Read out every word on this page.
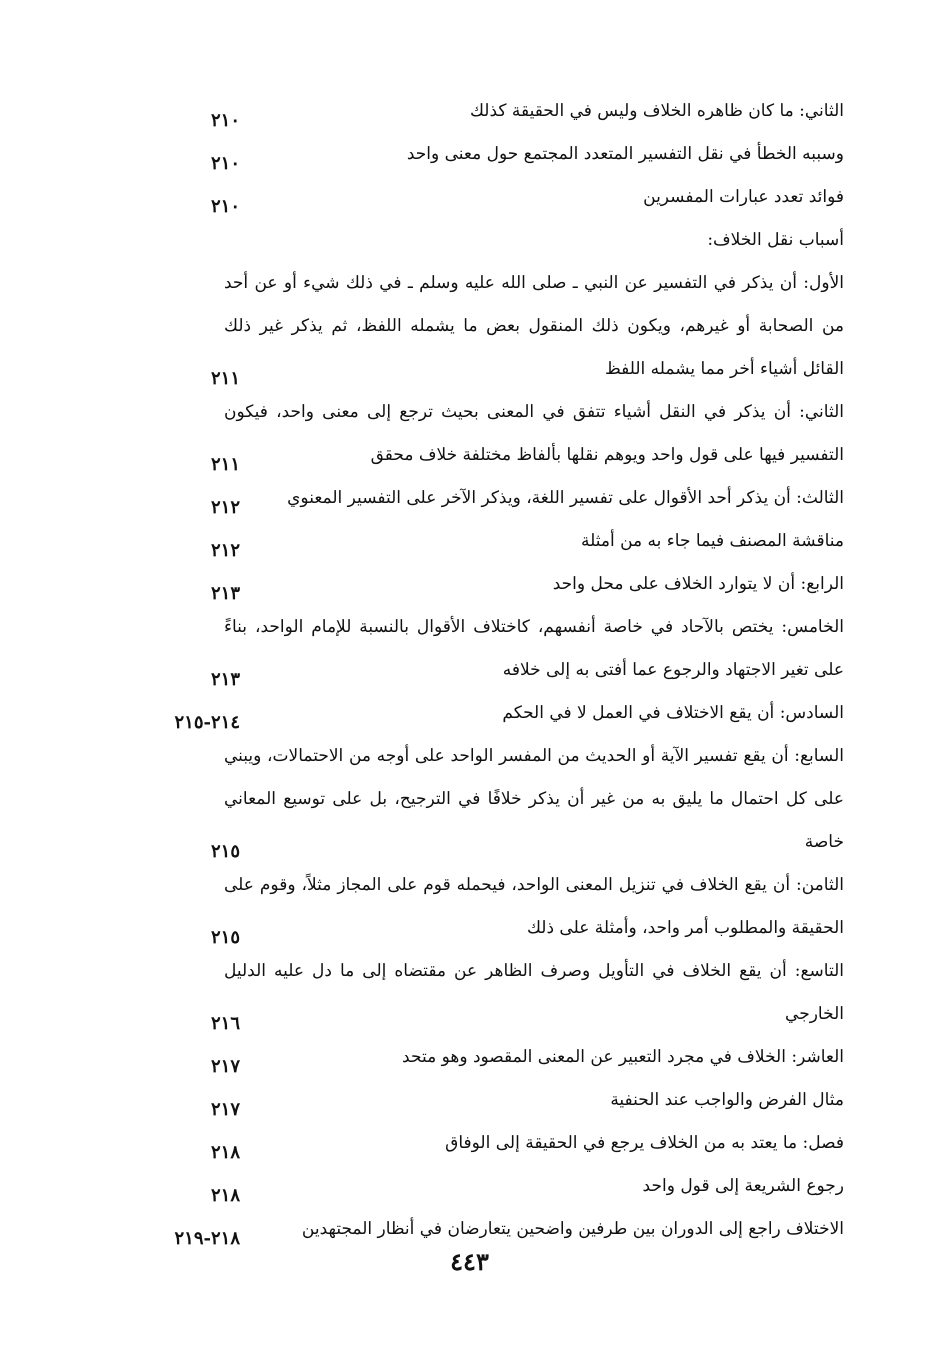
الثاني: ما كان ظاهره الخلاف وليس في الحقيقة كذلك
٢١٠
وسببه الخطأ في نقل التفسير المتعدد المجتمع حول معنى واحد
٢١٠
فوائد تعدد عبارات المفسرين
٢١٠
أسباب نقل الخلاف:
الأول: أن يذكر في التفسير عن النبي ـ صلى الله عليه وسلم ـ في ذلك شيء أو عن أحد من الصحابة أو غيرهم، ويكون ذلك المنقول بعض ما يشمله اللفظ، ثم يذكر غير ذلك القائل أشياء أخر مما يشمله اللفظ
٢١١
الثاني: أن يذكر في النقل أشياء تتفق في المعنى بحيث ترجع إلى معنى واحد، فيكون التفسير فيها على قول واحد ويوهم نقلها بألفاظ مختلفة خلاف محقق
٢١١
الثالث: أن يذكر أحد الأقوال على تفسير اللغة، ويذكر الآخر على التفسير المعنوي
٢١٢
مناقشة المصنف فيما جاء به من أمثلة
٢١٢
الرابع: أن لا يتوارد الخلاف على محل واحد
٢١٣
الخامس: يختص بالآحاد في خاصة أنفسهم، كاختلاف الأقوال بالنسبة للإمام الواحد، بناءً على تغير الاجتهاد والرجوع عما أفتى به إلى خلافه
٢١٣
السادس: أن يقع الاختلاف في العمل لا في الحكم
٢١٤-٢١٥
السابع: أن يقع تفسير الآية أو الحديث من المفسر الواحد على أوجه من الاحتمالات، ويبني على كل احتمال ما يليق به من غير أن يذكر خلافًا في الترجيح، بل على توسيع المعاني خاصة
٢١٥
الثامن: أن يقع الخلاف في تنزيل المعنى الواحد، فيحمله قوم على المجاز مثلاً، وقوم على الحقيقة والمطلوب أمر واحد، وأمثلة على ذلك
٢١٥
التاسع: أن يقع الخلاف في التأويل وصرف الظاهر عن مقتضاه إلى ما دل عليه الدليل الخارجي
٢١٦
العاشر: الخلاف في مجرد التعبير عن المعنى المقصود وهو متحد
٢١٧
مثال الفرض والواجب عند الحنفية
٢١٧
فصل: ما يعتد به من الخلاف يرجع في الحقيقة إلى الوفاق
٢١٨
رجوع الشريعة إلى قول واحد
٢١٨
الاختلاف راجع إلى الدوران بين طرفين واضحين يتعارضان في أنظار المجتهدين
٢١٨-٢١٩
٤٤٣
